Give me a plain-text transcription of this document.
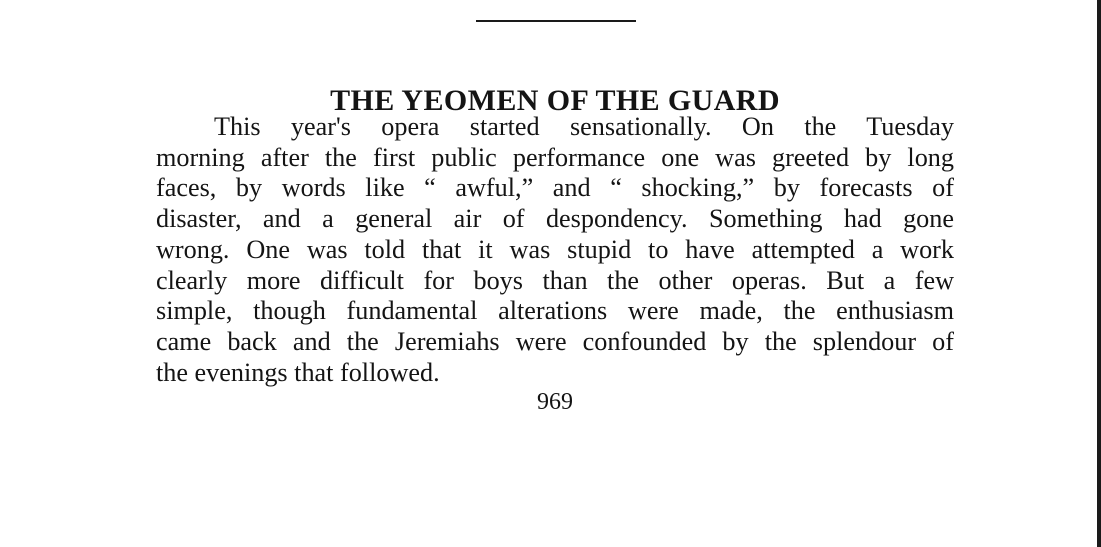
THE YEOMEN OF THE GUARD
This year's opera started sensationally. On the Tuesday
morning after the first public performance one was greeted by long
faces, by words like “ awful,” and “ shocking,” by forecasts of
disaster, and a general air of despondency. Something had gone
wrong. One was told that it was stupid to have attempted a work
clearly more difficult for boys than the other operas. But a few
simple, though fundamental alterations were made, the enthusiasm
came back and the Jeremiahs were confounded by the splendour of
the evenings that followed.
969
